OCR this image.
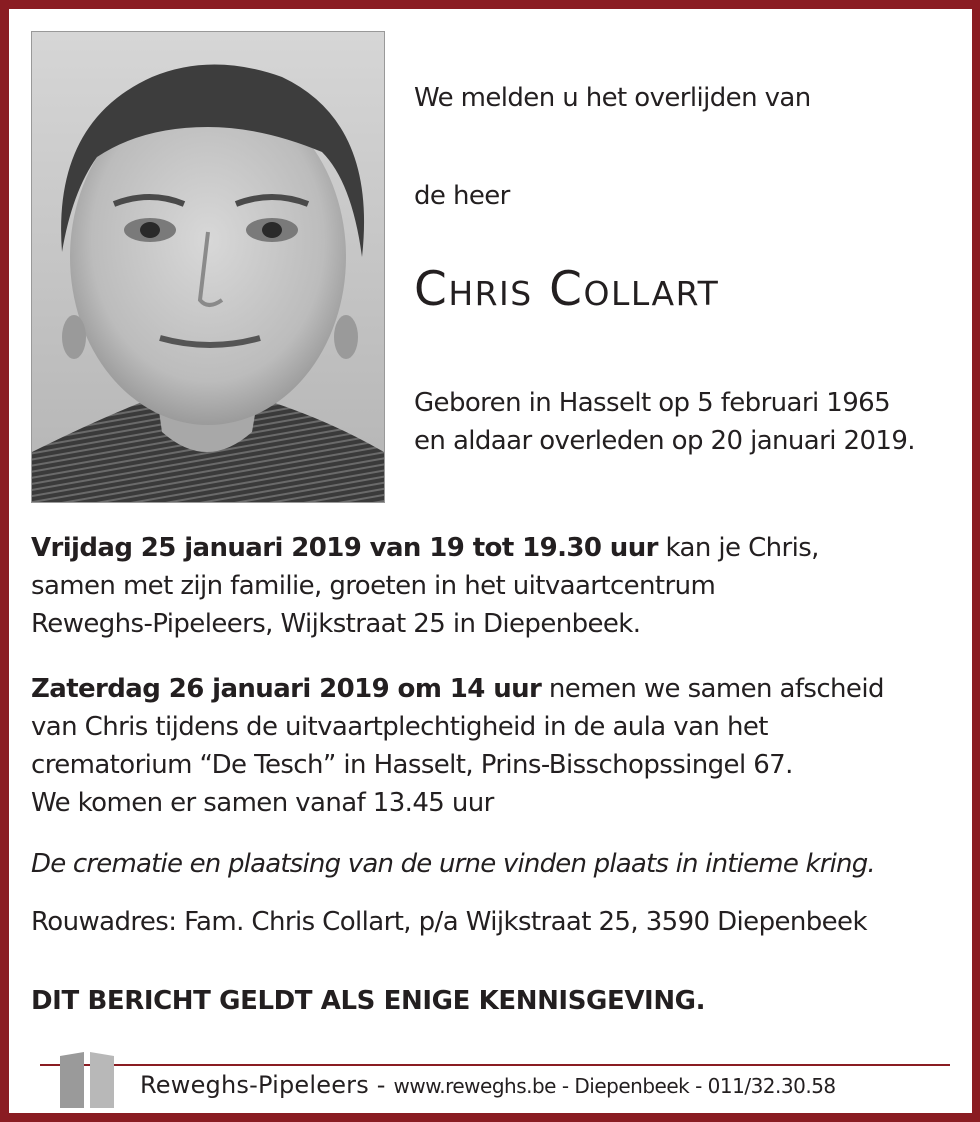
We melden u het overlijden van
de heer
Chris Collart
Geboren in Hasselt op 5 februari 1965
en aldaar overleden op 20 januari 2019.
Vrijdag 25 januari 2019 van 19 tot 19.30 uur kan je Chris,
samen met zijn familie, groeten in het uitvaartcentrum
Reweghs-Pipeleers, Wijkstraat 25 in Diepenbeek.
Zaterdag 26 januari 2019 om 14 uur nemen we samen afscheid
van Chris tijdens de uitvaartplechtigheid in de aula van het
crematorium “De Tesch” in Hasselt, Prins-Bisschopssingel 67.
We komen er samen vanaf 13.45 uur
De crematie en plaatsing van de urne vinden plaats in intieme kring.
Rouwadres: Fam. Chris Collart, p/a Wijkstraat 25, 3590 Diepenbeek
DIT BERICHT GELDT ALS ENIGE KENNISGEVING.
Reweghs-Pipeleers - www.reweghs.be - Diepenbeek - 011/32.30.58
